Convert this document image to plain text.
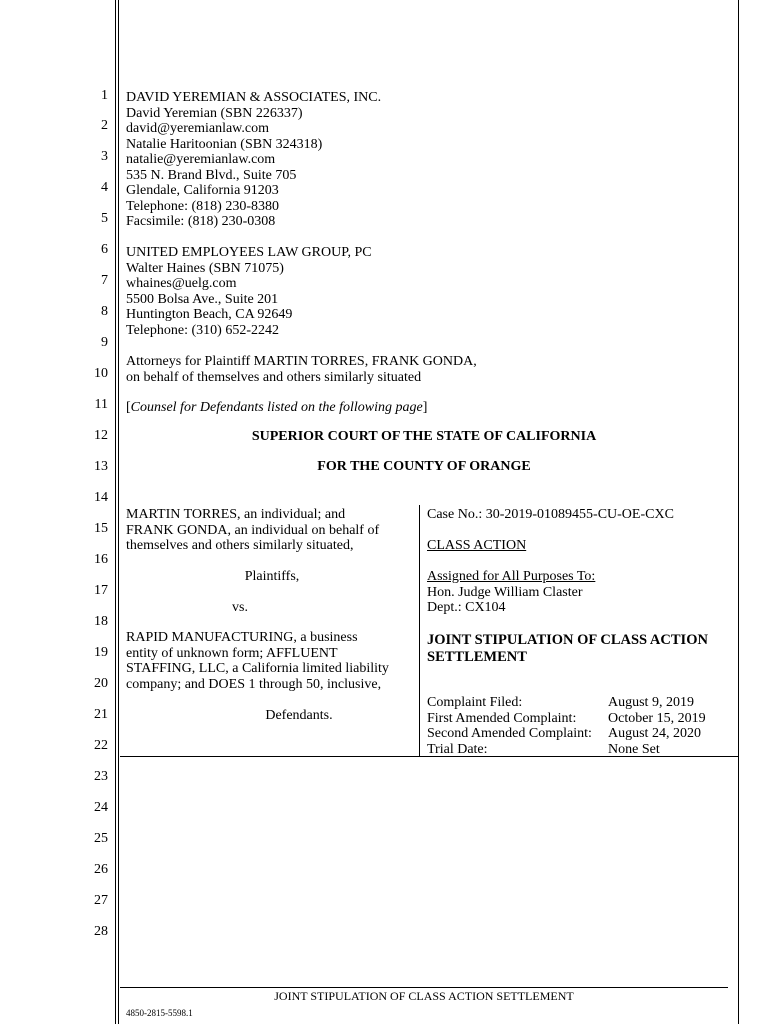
1
2
3
4
5
6
7
8
9
10
11
12
13
14
15
16
17
18
19
20
21
22
23
24
25
26
27
28
DAVID YEREMIAN & ASSOCIATES, INC.
David Yeremian (SBN 226337)
david@yeremianlaw.com
Natalie Haritoonian (SBN 324318)
natalie@yeremianlaw.com
535 N. Brand Blvd., Suite 705
Glendale, California 91203
Telephone: (818) 230-8380
Facsimile: (818) 230-0308
UNITED EMPLOYEES LAW GROUP, PC
Walter Haines (SBN 71075)
whaines@uelg.com
5500 Bolsa Ave., Suite 201
Huntington Beach, CA 92649
Telephone: (310) 652-2242
Attorneys for Plaintiff MARTIN TORRES, FRANK GONDA,
on behalf of themselves and others similarly situated
[Counsel for Defendants listed on the following page]
SUPERIOR COURT OF THE STATE OF CALIFORNIA
FOR THE COUNTY OF ORANGE
MARTIN TORRES, an individual; and
FRANK GONDA, an individual on behalf of
themselves and others similarly situated,
Plaintiffs,
vs.
RAPID MANUFACTURING, a business
entity of unknown form; AFFLUENT
STAFFING, LLC, a California limited liability
company; and DOES 1 through 50, inclusive,
Defendants.
Case No.: 30-2019-01089455-CU-OE-CXC
CLASS ACTION
Assigned for All Purposes To:
Hon. Judge William Claster
Dept.: CX104
JOINT STIPULATION OF CLASS ACTION
SETTLEMENT
Complaint Filed:	August 9, 2019
First Amended Complaint: October 15, 2019
Second Amended Complaint: August 24, 2020
Trial Date:	None Set
JOINT STIPULATION OF CLASS ACTION SETTLEMENT
4850-2815-5598.1
